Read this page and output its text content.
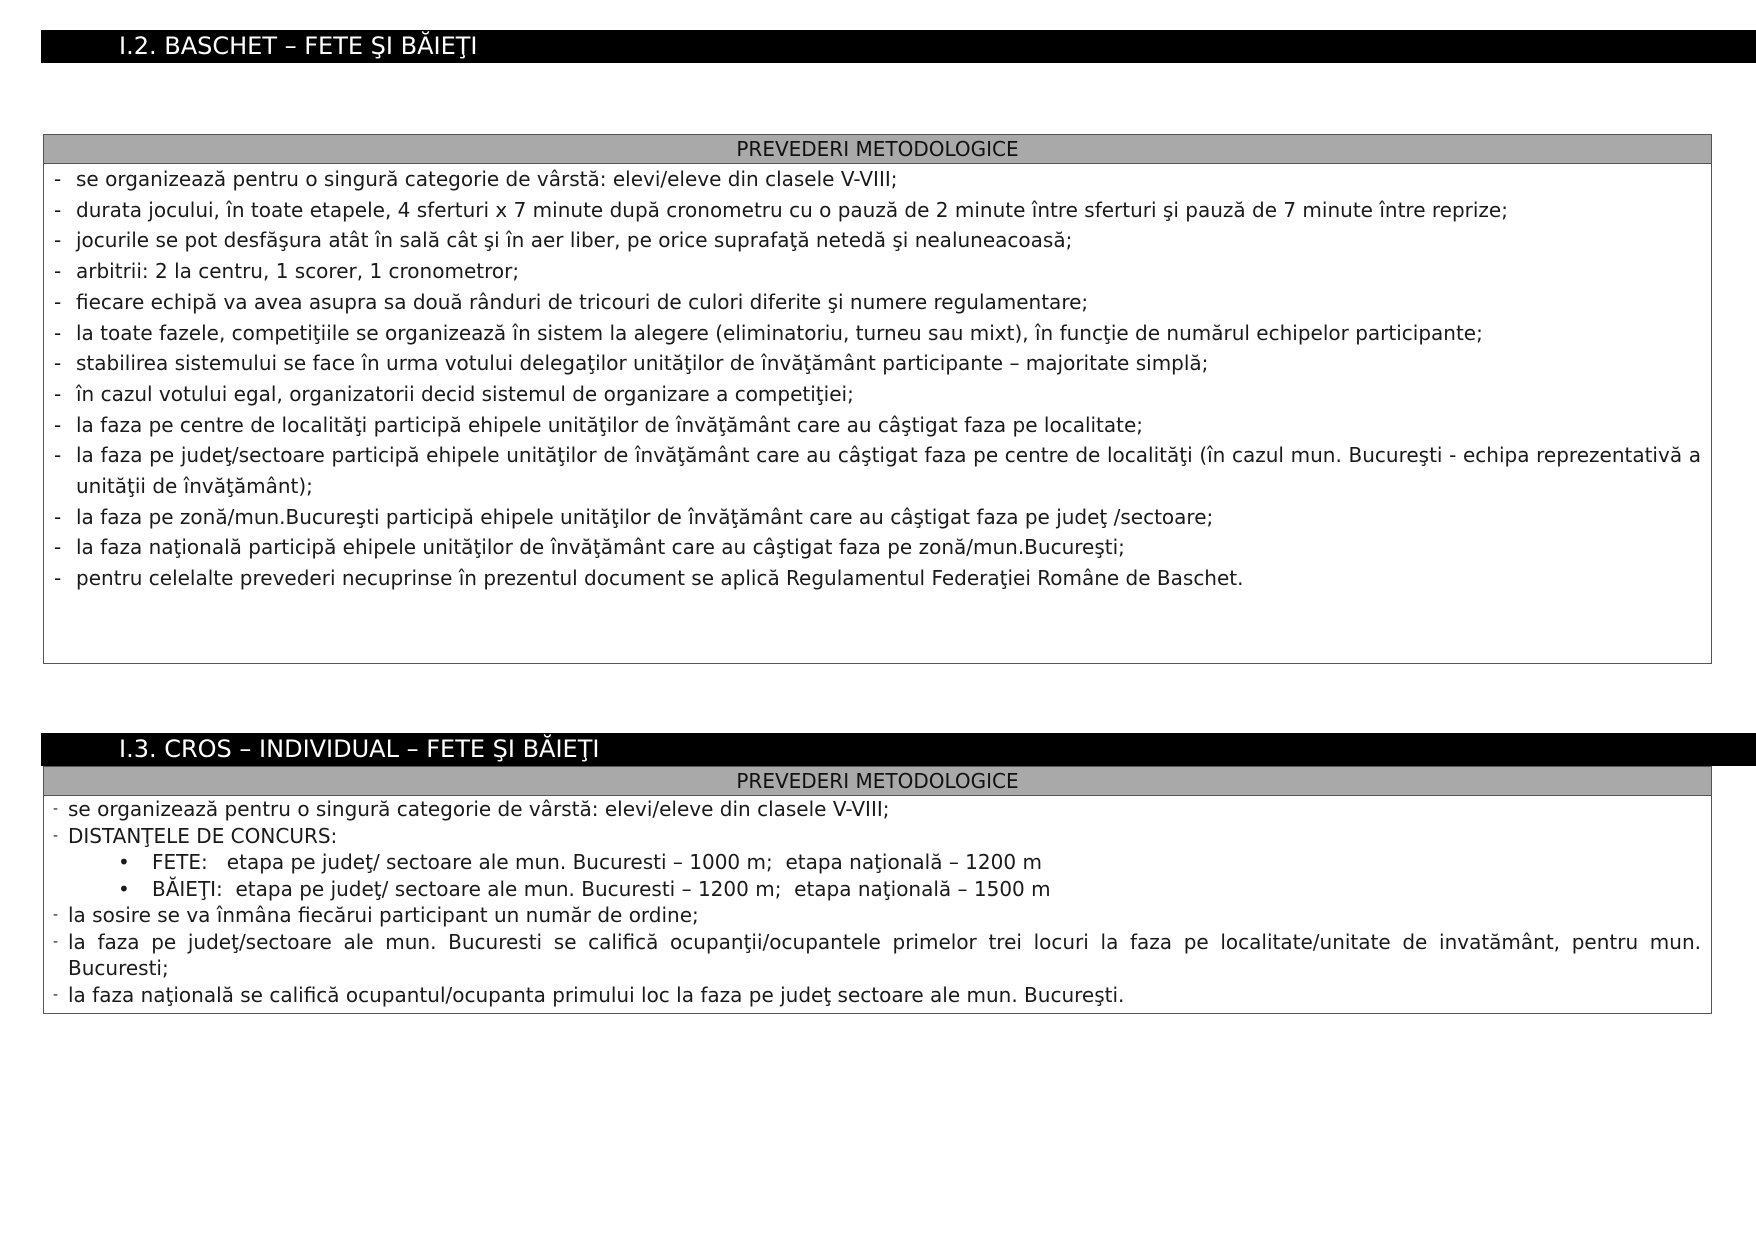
I.2. BASCHET – FETE ŞI BĂIEŢI
PREVEDERI METODOLOGICE
- se organizează pentru o singură categorie de vârstă: elevi/eleve din clasele V-VIII;
- durata jocului, în toate etapele, 4 sferturi x 7 minute după cronometru cu o pauză de 2 minute între sferturi şi pauză de 7 minute între reprize;
- jocurile se pot desfăşura atât în sală cât şi în aer liber, pe orice suprafaţă netedă şi nealuneacoasă;
- arbitrii: 2 la centru, 1 scorer, 1 cronometror;
- fiecare echipă va avea asupra sa două rânduri de tricouri de culori diferite şi numere regulamentare;
- la toate fazele, competiţiile se organizează în sistem la alegere (eliminatoriu, turneu sau mixt), în funcţie de numărul echipelor participante;
- stabilirea sistemului se face în urma votului delegaţilor unităţilor de învăţământ participante – majoritate simplă;
- în cazul votului egal, organizatorii decid sistemul de organizare a competiţiei;
- la faza pe centre de localităţi participă ehipele unităţilor de învăţământ care au câştigat faza pe localitate;
- la faza pe judeţ/sectoare participă ehipele unităţilor de învăţământ care au câştigat faza pe centre de localităţi (în cazul mun. Bucureşti - echipa reprezentativă a unităţii de învăţământ);
- la faza pe zonă/mun.Bucureşti participă ehipele unităţilor de învăţământ care au câştigat faza pe judeţ /sectoare;
- la faza naţională participă ehipele unităţilor de învăţământ care au câştigat faza pe zonă/mun.Bucureşti;
- pentru celelalte prevederi necuprinse în prezentul document se aplică Regulamentul Federaţiei Române de Baschet.
I.3. CROS – INDIVIDUAL – FETE ŞI BĂIEŢI
PREVEDERI METODOLOGICE
- se organizează pentru o singură categorie de vârstă: elevi/eleve din clasele V-VIII;
- DISTANŢELE DE CONCURS:
• FETE:   etapa pe judeţ/ sectoare ale mun. Bucuresti – 1000 m;  etapa naţională – 1200 m
• BĂIEŢI:  etapa pe judeţ/ sectoare ale mun. Bucuresti – 1200 m;  etapa naţională – 1500 m
- la sosire se va înmâna fiecărui participant un număr de ordine;
- la faza pe judeţ/sectoare ale mun. Bucuresti se califică ocupanţii/ocupantele primelor trei locuri la faza pe localitate/unitate de invatământ, pentru mun. Bucuresti;
- la faza naţională se califică ocupantul/ocupanta primului loc la faza pe judeţ sectoare ale mun. Bucureşti.
